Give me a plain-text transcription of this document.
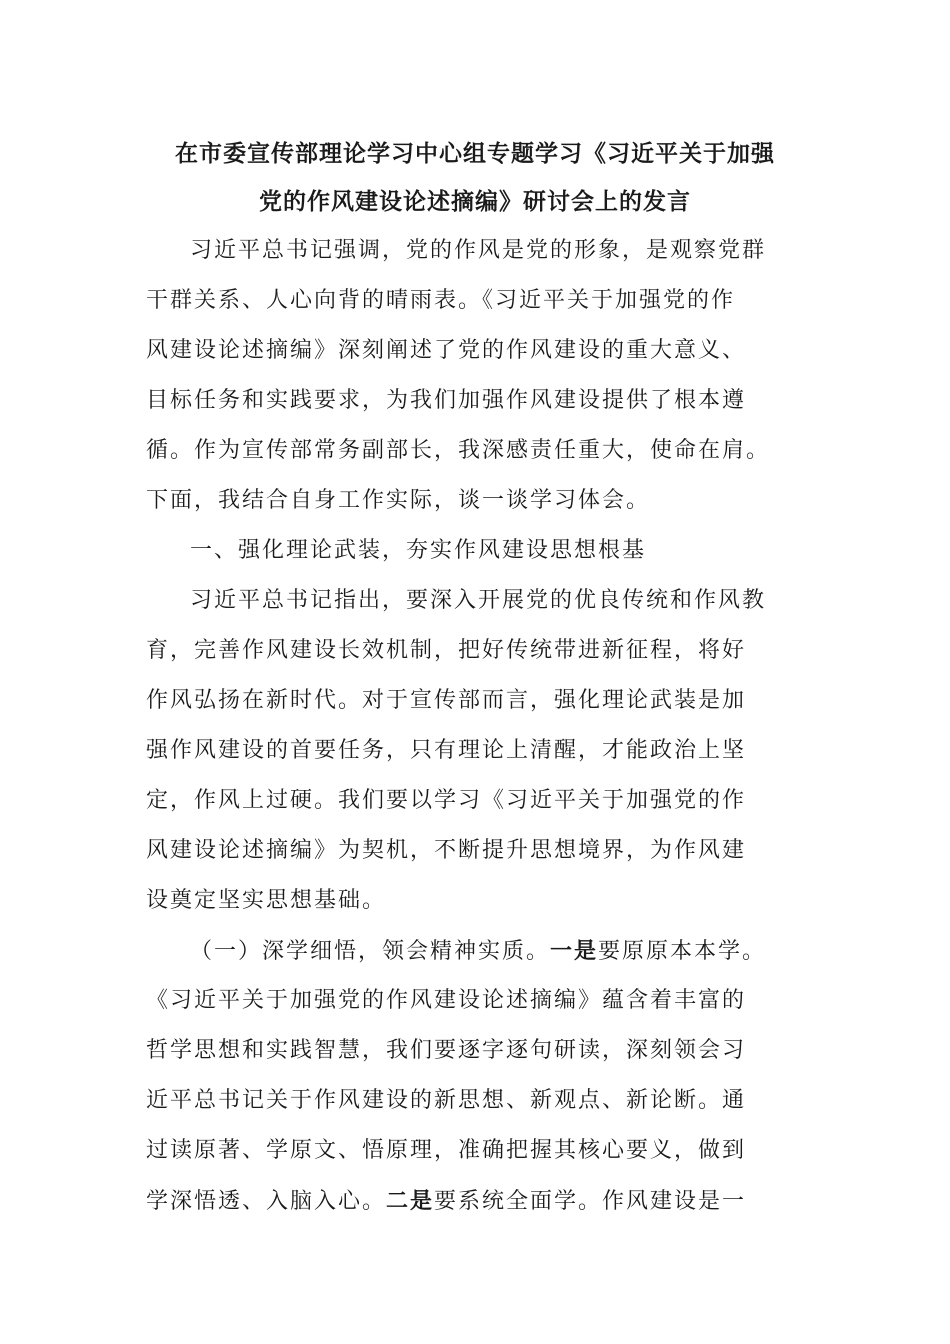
在市委宣传部理论学习中心组专题学习《习近平关于加强
党的作风建设论述摘编》研讨会上的发言
习近平总书记强调，党的作风是党的形象，是观察党群
干群关系、人心向背的晴雨表。《习近平关于加强党的作
风建设论述摘编》深刻阐述了党的作风建设的重大意义、
目标任务和实践要求，为我们加强作风建设提供了根本遵
循。作为宣传部常务副部长，我深感责任重大，使命在肩。
下面，我结合自身工作实际，谈一谈学习体会。
一、强化理论武装，夯实作风建设思想根基
习近平总书记指出，要深入开展党的优良传统和作风教
育，完善作风建设长效机制，把好传统带进新征程，将好
作风弘扬在新时代。对于宣传部而言，强化理论武装是加
强作风建设的首要任务，只有理论上清醒，才能政治上坚
定，作风上过硬。我们要以学习《习近平关于加强党的作
风建设论述摘编》为契机，不断提升思想境界，为作风建
设奠定坚实思想基础。
（一）深学细悟，领会精神实质。一是要原原本本学。
《习近平关于加强党的作风建设论述摘编》蕴含着丰富的
哲学思想和实践智慧，我们要逐字逐句研读，深刻领会习
近平总书记关于作风建设的新思想、新观点、新论断。通
过读原著、学原文、悟原理，准确把握其核心要义，做到
学深悟透、入脑入心。二是要系统全面学。作风建设是一
